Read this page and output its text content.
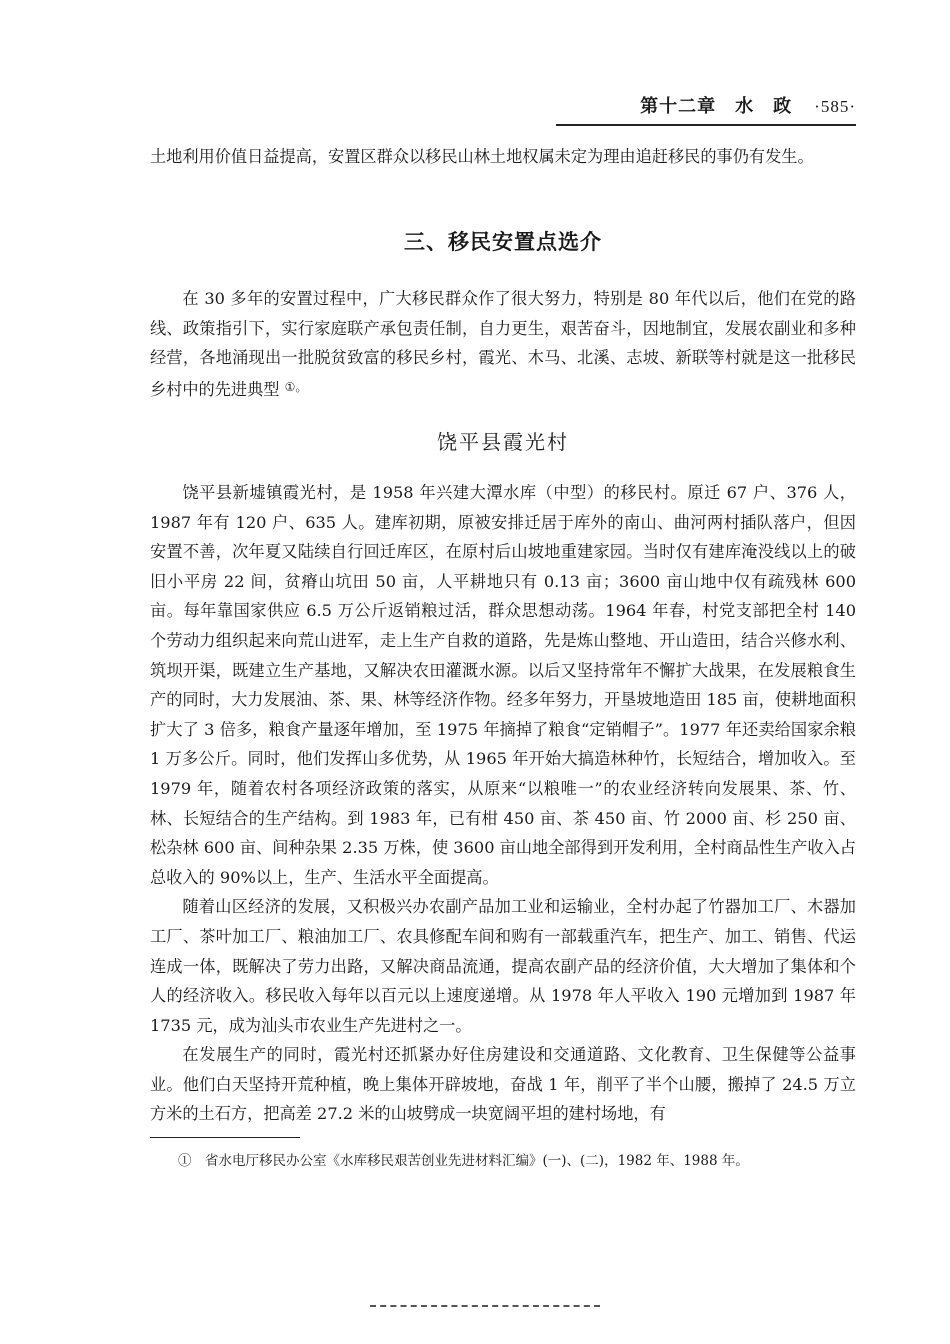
第十二章　水　政 ·585·

土地利用价值日益提高，安置区群众以移民山林土地权属未定为理由追赶移民的事仍有发生。

三、移民安置点选介

在 30 多年的安置过程中，广大移民群众作了很大努力，特别是 80 年代以后，他们在党的路线、政策指引下，实行家庭联产承包责任制，自力更生，艰苦奋斗，因地制宜，发展农副业和多种经营，各地涌现出一批脱贫致富的移民乡村，霞光、木马、北溪、志坡、新联等村就是这一批移民乡村中的先进典型 ①。

饶平县霞光村

饶平县新墟镇霞光村，是 1958 年兴建大潭水库（中型）的移民村。原迁 67 户、376 人，1987 年有 120 户、635 人。建库初期，原被安排迁居于库外的南山、曲河两村插队落户，但因安置不善，次年夏又陆续自行回迁库区，在原村后山坡地重建家园。当时仅有建库淹没线以上的破旧小平房 22 间，贫瘠山坑田 50 亩，人平耕地只有 0.13 亩；3600 亩山地中仅有疏残林 600 亩。每年靠国家供应 6.5 万公斤返销粮过活，群众思想动荡。1964 年春，村党支部把全村 140 个劳动力组织起来向荒山进军，走上生产自救的道路，先是炼山整地、开山造田，结合兴修水利、筑坝开渠，既建立生产基地，又解决农田灌溉水源。以后又坚持常年不懈扩大战果，在发展粮食生产的同时，大力发展油、茶、果、林等经济作物。经多年努力，开垦坡地造田 185 亩，使耕地面积扩大了 3 倍多，粮食产量逐年增加，至 1975 年摘掉了粮食“定销帽子”。1977 年还卖给国家余粮 1 万多公斤。同时，他们发挥山多优势，从 1965 年开始大搞造林种竹，长短结合，增加收入。至 1979 年，随着农村各项经济政策的落实，从原来“以粮唯一”的农业经济转向发展果、茶、竹、林、长短结合的生产结构。到 1983 年，已有柑 450 亩、茶 450 亩、竹 2000 亩、杉 250 亩、松杂林 600 亩、间种杂果 2.35 万株，使 3600 亩山地全部得到开发利用，全村商品性生产收入占总收入的 90%以上，生产、生活水平全面提高。

随着山区经济的发展，又积极兴办农副产品加工业和运输业，全村办起了竹器加工厂、木器加工厂、茶叶加工厂、粮油加工厂、农具修配车间和购有一部载重汽车，把生产、加工、销售、代运连成一体，既解决了劳力出路，又解决商品流通，提高农副产品的经济价值，大大增加了集体和个人的经济收入。移民收入每年以百元以上速度递增。从 1978 年人平收入 190 元增加到 1987 年 1735 元，成为汕头市农业生产先进村之一。

在发展生产的同时，霞光村还抓紧办好住房建设和交通道路、文化教育、卫生保健等公益事业。他们白天坚持开荒种植，晚上集体开辟坡地，奋战 1 年，削平了半个山腰，搬掉了 24.5 万立方米的土石方，把高差 27.2 米的山坡劈成一块宽阔平坦的建村场地，有

①　省水电厅移民办公室《水库移民艰苦创业先进材料汇编》(一)、(二)，1982 年、1988 年。
